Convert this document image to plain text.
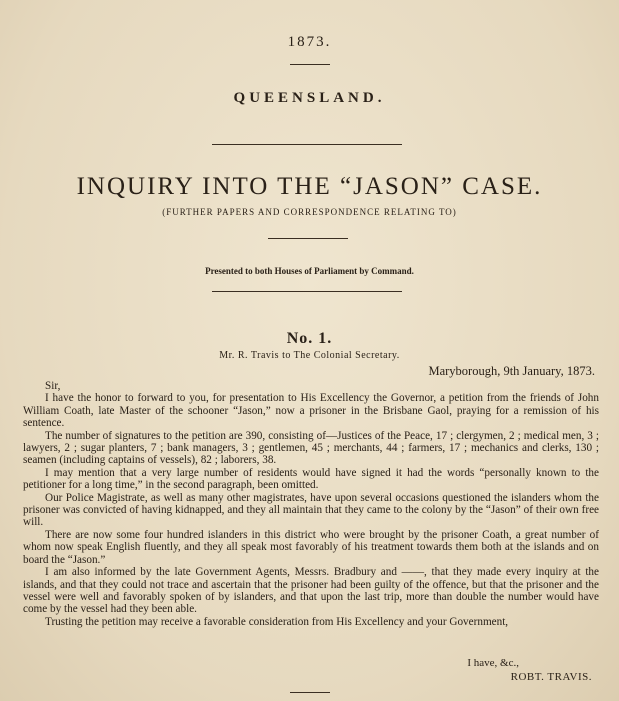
1873.
QUEENSLAND.
INQUIRY INTO THE “JASON” CASE.
(FURTHER PAPERS AND CORRESPONDENCE RELATING TO)
Presented to both Houses of Parliament by Command.
No. 1.
Mr. R. Travis to The Colonial Secretary.
Maryborough, 9th January, 1873.

Sir,

I have the honor to forward to you, for presentation to His Excellency the Governor, a petition from the friends of John William Coath, late Master of the schooner “Jason,” now a prisoner in the Brisbane Gaol, praying for a remission of his sentence.

The number of signatures to the petition are 390, consisting of—Justices of the Peace, 17 ; clergymen, 2 ; medical men, 3 ; lawyers, 2 ; sugar planters, 7 ; bank managers, 3 ; gentlemen, 45 ; merchants, 44 ; farmers, 17 ; mechanics and clerks, 130 ; seamen (including captains of vessels), 82 ; laborers, 38.

I may mention that a very large number of residents would have signed it had the words “personally known to the petitioner for a long time,” in the second paragraph, been omitted.

Our Police Magistrate, as well as many other magistrates, have upon several occasions questioned the islanders whom the prisoner was convicted of having kidnapped, and they all maintain that they came to the colony by the “Jason” of their own free will.

There are now some four hundred islanders in this district who were brought by the prisoner Coath, a great number of whom now speak English fluently, and they all speak most favorably of his treatment towards them both at the islands and on board the “Jason.”

I am also informed by the late Government Agents, Messrs. Bradbury and ——, that they made every inquiry at the islands, and that they could not trace and ascertain that the prisoner had been guilty of the offence, but that the prisoner and the vessel were well and favorably spoken of by islanders, and that upon the last trip, more than double the number would have come by the vessel had they been able.

Trusting the petition may receive a favorable consideration from His Excellency and your Government,

I have, &c.,
ROBT. TRAVIS.
